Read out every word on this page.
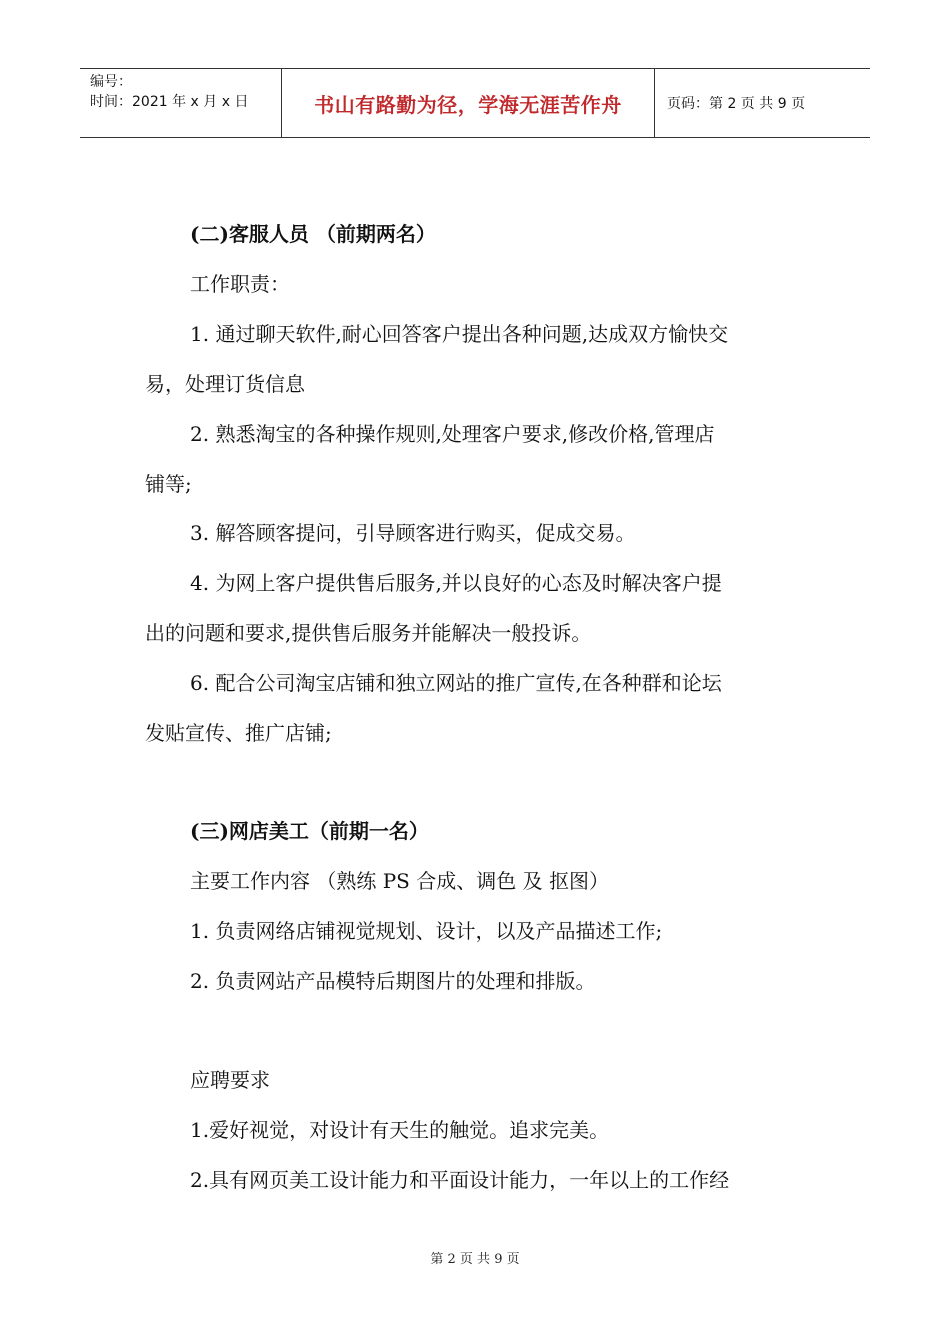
编号：
时间：2021 年 x 月 x 日	书山有路勤为径，学海无涯苦作舟	页码：第 2 页 共 9 页
(二)客服人员 （前期两名）
工作职责：
1. 通过聊天软件,耐心回答客户提出各种问题,达成双方愉快交
易，处理订货信息
2. 熟悉淘宝的各种操作规则,处理客户要求,修改价格,管理店
铺等;
3. 解答顾客提问，引导顾客进行购买，促成交易。
4. 为网上客户提供售后服务,并以良好的心态及时解决客户提
出的问题和要求,提供售后服务并能解决一般投诉。
6. 配合公司淘宝店铺和独立网站的推广宣传,在各种群和论坛
发贴宣传、推广店铺;
(三)网店美工（前期一名）
主要工作内容 （熟练 PS 合成、调色 及 抠图）
1. 负责网络店铺视觉规划、设计，以及产品描述工作;
2. 负责网站产品模特后期图片的处理和排版。
应聘要求
1.爱好视觉，对设计有天生的触觉。追求完美。
2.具有网页美工设计能力和平面设计能力，一年以上的工作经
第 2 页 共 9 页
